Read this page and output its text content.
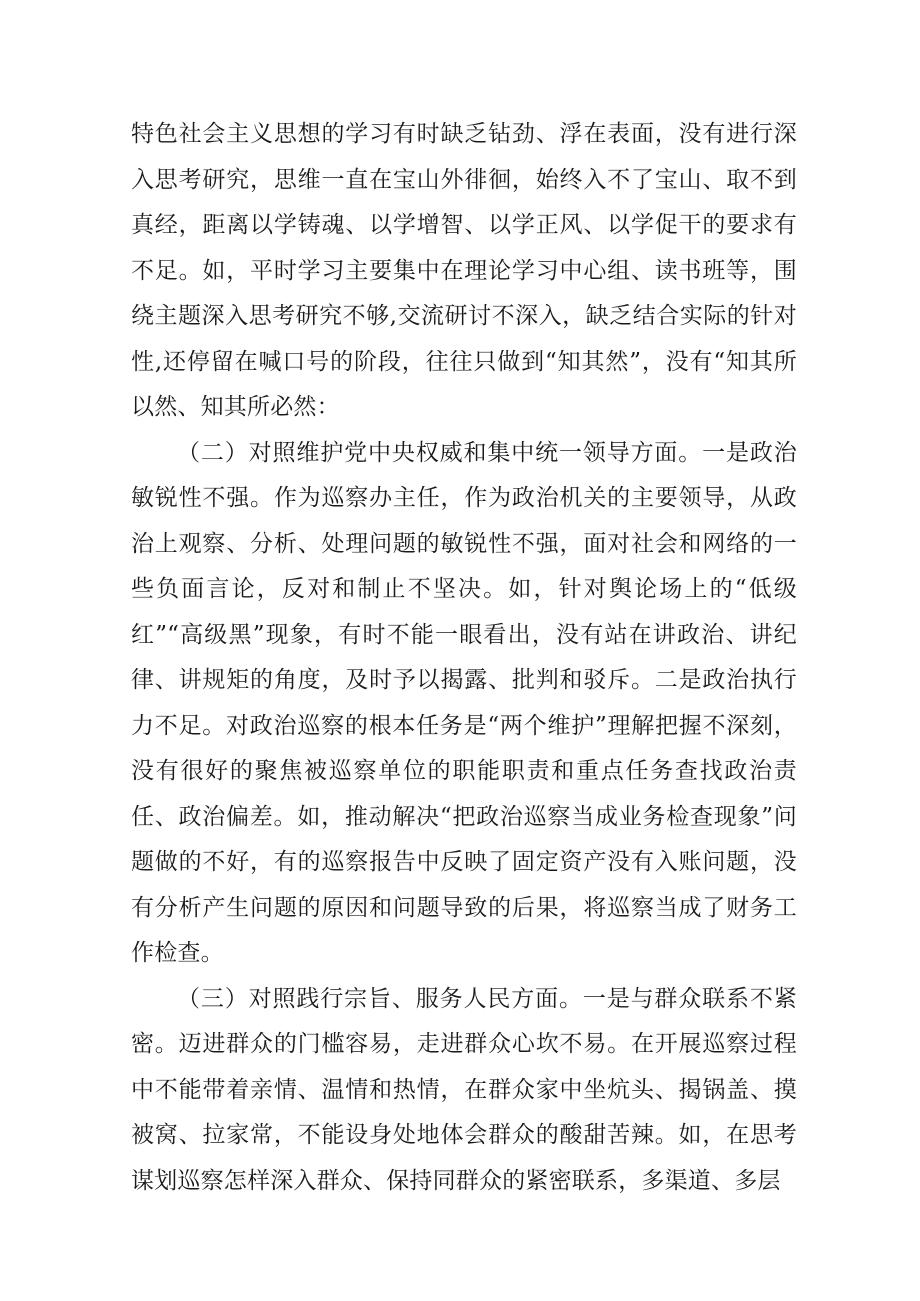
特色社会主义思想的学习有时缺乏钻劲、浮在表面，没有进行深入思考研究，思维一直在宝山外徘徊，始终入不了宝山、取不到真经，距离以学铸魂、以学增智、以学正风、以学促干的要求有不足。如，平时学习主要集中在理论学习中心组、读书班等，围绕主题深入思考研究不够,交流研讨不深入，缺乏结合实际的针对性,还停留在喊口号的阶段，往往只做到“知其然”，没有“知其所以然、知其所必然：

（二）对照维护党中央权威和集中统一领导方面。一是政治敏锐性不强。作为巡察办主任，作为政治机关的主要领导，从政治上观察、分析、处理问题的敏锐性不强，面对社会和网络的一些负面言论，反对和制止不坚决。如，针对舆论场上的“低级红”“高级黑”现象，有时不能一眼看出，没有站在讲政治、讲纪律、讲规矩的角度，及时予以揭露、批判和驳斥。二是政治执行力不足。对政治巡察的根本任务是“两个维护”理解把握不深刻，没有很好的聚焦被巡察单位的职能职责和重点任务查找政治责任、政治偏差。如，推动解决“把政治巡察当成业务检查现象”问题做的不好，有的巡察报告中反映了固定资产没有入账问题，没有分析产生问题的原因和问题导致的后果，将巡察当成了财务工作检查。

（三）对照践行宗旨、服务人民方面。一是与群众联系不紧密。迈进群众的门槛容易，走进群众心坎不易。在开展巡察过程中不能带着亲情、温情和热情，在群众家中坐炕头、揭锅盖、摸被窝、拉家常，不能设身处地体会群众的酸甜苦辣。如，在思考谋划巡察怎样深入群众、保持同群众的紧密联系，多渠道、多层
